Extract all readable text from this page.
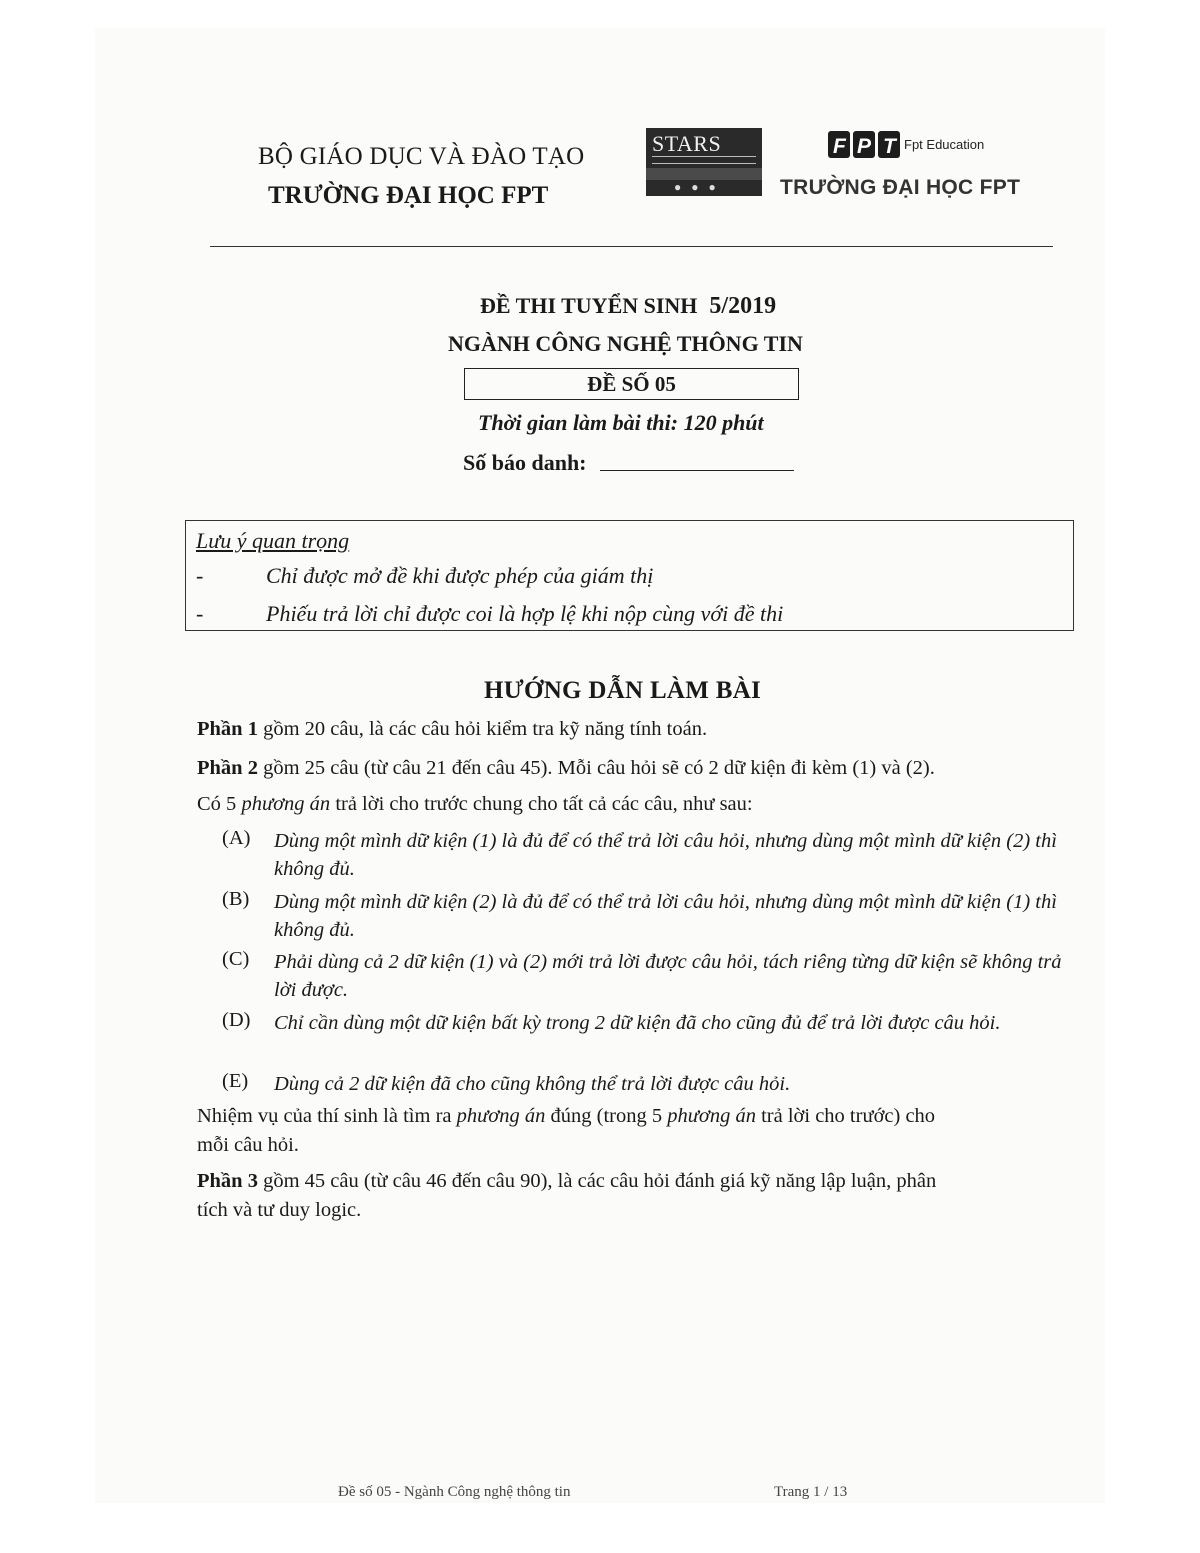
BỘ GIÁO DỤC VÀ ĐÀO TẠO
TRƯỜNG ĐẠI HỌC FPT
STARS
●●●
F P T Fpt Education
TRƯỜNG ĐẠI HỌC FPT
ĐỀ THI TUYỂN SINH 5/2019
NGÀNH CÔNG NGHỆ THÔNG TIN
ĐỀ SỐ 05
Thời gian làm bài thi: 120 phút
Số báo danh:
Lưu ý quan trọng
-	Chỉ được mở đề khi được phép của giám thị
-	Phiếu trả lời chỉ được coi là hợp lệ khi nộp cùng với đề thi
HƯỚNG DẪN LÀM BÀI
Phần 1 gồm 20 câu, là các câu hỏi kiểm tra kỹ năng tính toán.
Phần 2 gồm 25 câu (từ câu 21 đến câu 45). Mỗi câu hỏi sẽ có 2 dữ kiện đi kèm (1) và (2).
Có 5 phương án trả lời cho trước chung cho tất cả các câu, như sau:
(A) Dùng một mình dữ kiện (1) là đủ để có thể trả lời câu hỏi, nhưng dùng một mình dữ kiện (2) thì không đủ.
(B) Dùng một mình dữ kiện (2) là đủ để có thể trả lời câu hỏi, nhưng dùng một mình dữ kiện (1) thì không đủ.
(C) Phải dùng cả 2 dữ kiện (1) và (2) mới trả lời được câu hỏi, tách riêng từng dữ kiện sẽ không trả lời được.
(D) Chỉ cần dùng một dữ kiện bất kỳ trong 2 dữ kiện đã cho cũng đủ để trả lời được câu hỏi.
(E) Dùng cả 2 dữ kiện đã cho cũng không thể trả lời được câu hỏi.
Nhiệm vụ của thí sinh là tìm ra phương án đúng (trong 5 phương án trả lời cho trước) cho
mỗi câu hỏi.
Phần 3 gồm 45 câu (từ câu 46 đến câu 90), là các câu hỏi đánh giá kỹ năng lập luận, phân
tích và tư duy logic.
Đề số 05 - Ngành Công nghệ thông tin	Trang 1 / 13
